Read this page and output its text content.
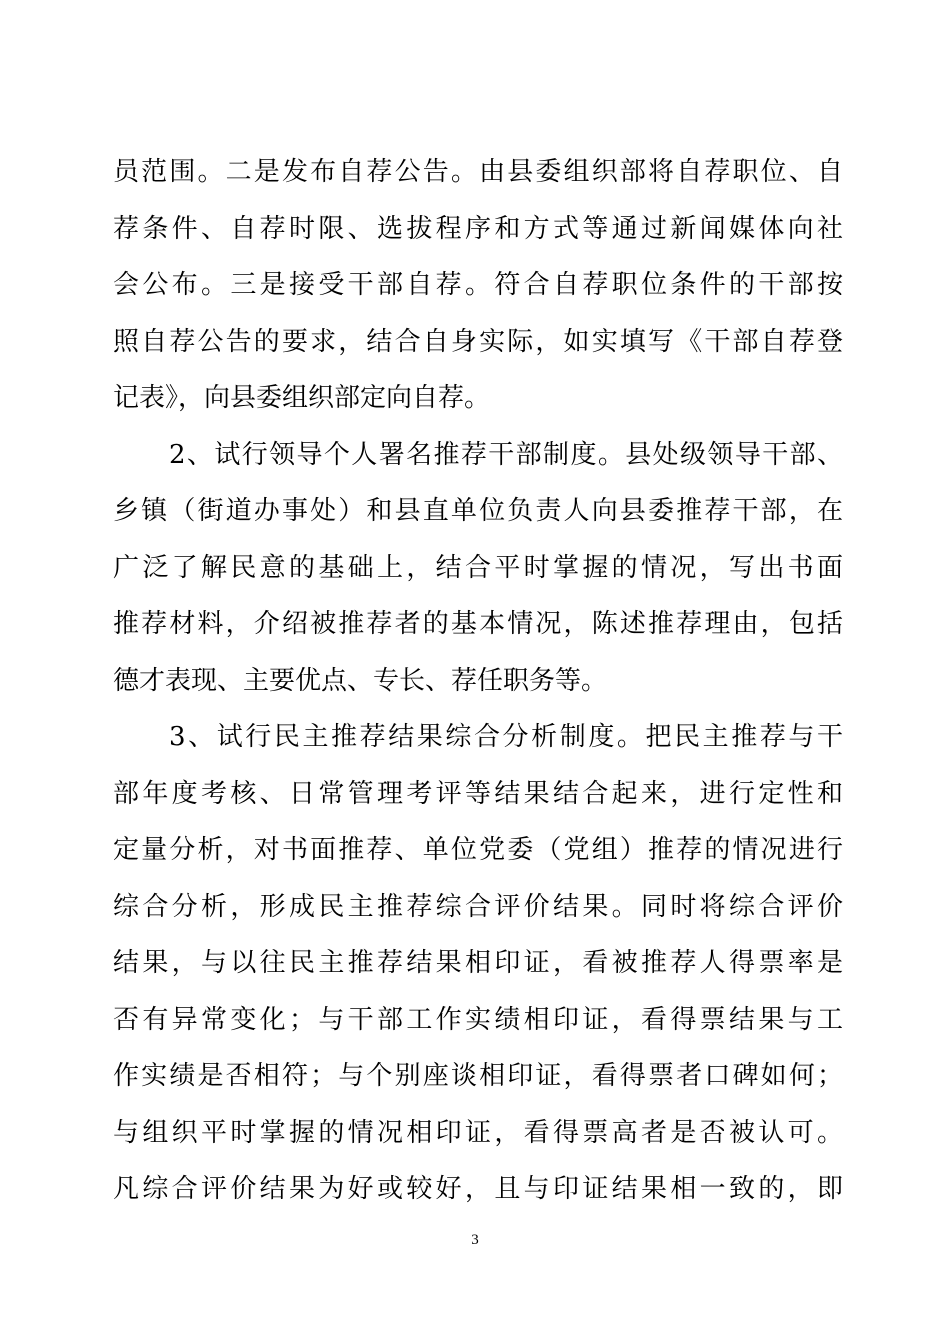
员范围。二是发布自荐公告。由县委组织部将自荐职位、自
荐条件、自荐时限、选拔程序和方式等通过新闻媒体向社
会公布。三是接受干部自荐。符合自荐职位条件的干部按
照自荐公告的要求，结合自身实际，如实填写《干部自荐登
记表》，向县委组织部定向自荐。
2、试行领导个人署名推荐干部制度。县处级领导干部、
乡镇（街道办事处）和县直单位负责人向县委推荐干部，在
广泛了解民意的基础上，结合平时掌握的情况，写出书面
推荐材料，介绍被推荐者的基本情况，陈述推荐理由，包括
德才表现、主要优点、专长、荐任职务等。
3、试行民主推荐结果综合分析制度。把民主推荐与干
部年度考核、日常管理考评等结果结合起来，进行定性和
定量分析，对书面推荐、单位党委（党组）推荐的情况进行
综合分析，形成民主推荐综合评价结果。同时将综合评价
结果，与以往民主推荐结果相印证，看被推荐人得票率是
否有异常变化；与干部工作实绩相印证，看得票结果与工
作实绩是否相符；与个别座谈相印证，看得票者口碑如何；
与组织平时掌握的情况相印证，看得票高者是否被认可。
凡综合评价结果为好或较好，且与印证结果相一致的，即
3
